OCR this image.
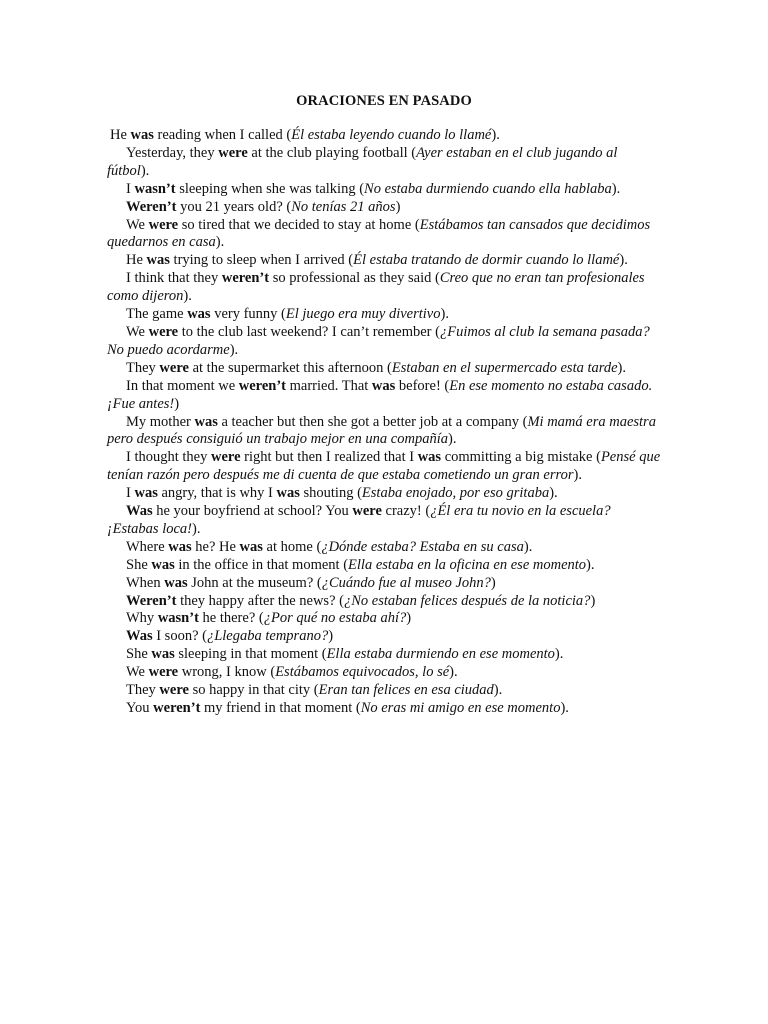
ORACIONES EN PASADO

He was reading when I called (Él estaba leyendo cuando lo llamé).

Yesterday, they were at the club playing football (Ayer estaban en el club jugando al fútbol).

I wasn’t sleeping when she was talking (No estaba durmiendo cuando ella hablaba).

Weren’t you 21 years old? (No tenías 21 años)

We were so tired that we decided to stay at home (Estábamos tan cansados que decidimos quedarnos en casa).

He was trying to sleep when I arrived (Él estaba tratando de dormir cuando lo llamé).

I think that they weren’t so professional as they said (Creo que no eran tan profesionales como dijeron).

The game was very funny (El juego era muy divertivo).

We were to the club last weekend? I can’t remember (¿Fuimos al club la semana pasada? No puedo acordarme).

They were at the supermarket this afternoon (Estaban en el supermercado esta tarde).

In that moment we weren’t married. That was before! (En ese momento no estaba casado. ¡Fue antes!)

My mother was a teacher but then she got a better job at a company (Mi mamá era maestra pero después consiguió un trabajo mejor en una compañía).

I thought they were right but then I realized that I was committing a big mistake (Pensé que tenían razón pero después me di cuenta de que estaba cometiendo un gran error).

I was angry, that is why I was shouting (Estaba enojado, por eso gritaba).

Was he your boyfriend at school? You were crazy! (¿Él era tu novio en la escuela? ¡Estabas loca!).

Where was he? He was at home (¿Dónde estaba? Estaba en su casa).

She was in the office in that moment (Ella estaba en la oficina en ese momento).

When was John at the museum? (¿Cuándo fue al museo John?)

Weren’t they happy after the news? (¿No estaban felices después de la noticia?)

Why wasn’t he there? (¿Por qué no estaba ahí?)

Was I soon? (¿Llegaba temprano?)

She was sleeping in that moment (Ella estaba durmiendo en ese momento).

We were wrong, I know (Estábamos equivocados, lo sé).

They were so happy in that city (Eran tan felices en esa ciudad).

You weren’t my friend in that moment (No eras mi amigo en ese momento).
